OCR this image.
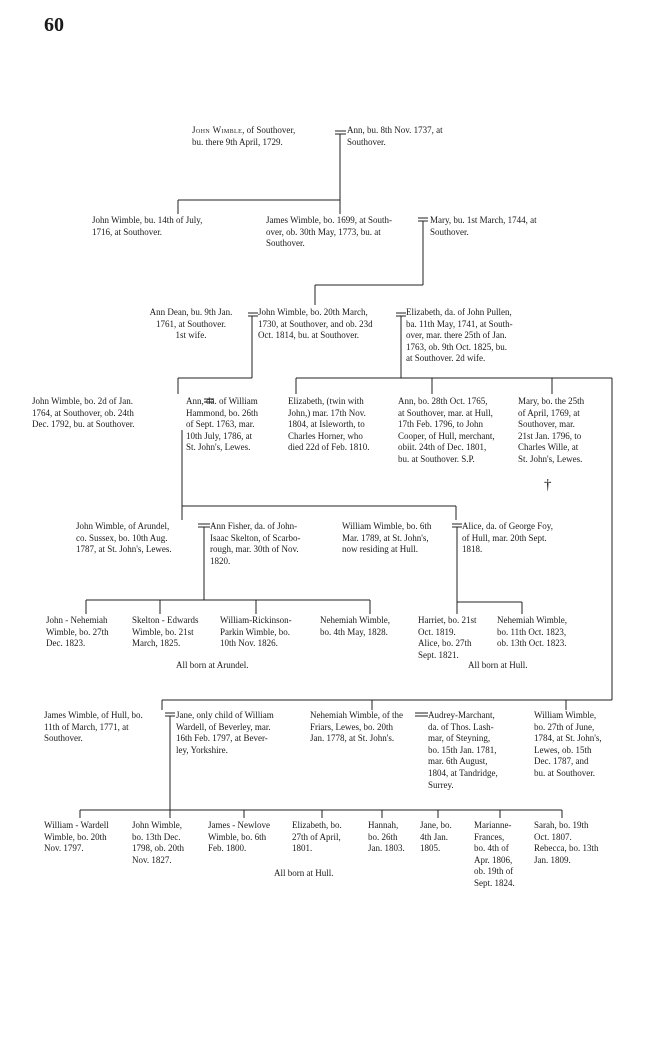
60
John Wimble, of Southover,
bu. there 9th April, 1729.
Ann, bu. 8th Nov. 1737, at
Southover.
John Wimble, bu. 14th of July,
1716, at Southover.
James Wimble, bo. 1699, at South-
over, ob. 30th May, 1773, bu. at
Southover.
Mary, bu. 1st March, 1744, at
Southover.
Ann Dean, bu. 9th Jan.
1761, at Southover.
1st wife.
John Wimble, bo. 20th March,
1730, at Southover, and ob. 23d
Oct. 1814, bu. at Southover.
Elizabeth, da. of John Pullen,
ba. 11th May, 1741, at South-
over, mar. there 25th of Jan.
1763, ob. 9th Oct. 1825, bu.
at Southover. 2d wife.
John Wimble, bo. 2d of Jan.
1764, at Southover, ob. 24th
Dec. 1792, bu. at Southover.
Ann, da. of William
Hammond, bo. 26th
of Sept. 1763, mar.
10th July, 1786, at
St. John's, Lewes.
Elizabeth, (twin with
John,) mar. 17th Nov.
1804, at Isleworth, to
Charles Horner, who
died 22d of Feb. 1810.
Ann, bo. 28th Oct. 1765,
at Southover, mar. at Hull,
17th Feb. 1796, to John
Cooper, of Hull, merchant,
obiit. 24th of Dec. 1801,
bu. at Southover. S.P.
Mary, bo. the 25th
of April, 1769, at
Southover, mar.
21st Jan. 1796, to
Charles Wille, at
St. John's, Lewes.
†
John Wimble, of Arundel,
co. Sussex, bo. 10th Aug.
1787, at St. John's, Lewes.
Ann Fisher, da. of John-
Isaac Skelton, of Scarbo-
rough, mar. 30th of Nov.
1820.
William Wimble, bo. 6th
Mar. 1789, at St. John's,
now residing at Hull.
Alice, da. of George Foy,
of Hull, mar. 20th Sept.
1818.
John - Nehemiah
Wimble, bo. 27th
Dec. 1823.
Skelton - Edwards
Wimble, bo. 21st
March, 1825.
William-Rickinson-
Parkin Wimble, bo.
10th Nov. 1826.
Nehemiah Wimble,
bo. 4th May, 1828.
Harriet, bo. 21st
Oct. 1819.
Alice, bo. 27th
Sept. 1821.
Nehemiah Wimble,
bo. 11th Oct. 1823,
ob. 13th Oct. 1823.
All born at Arundel.	All born at Hull.
James Wimble, of Hull, bo.
11th of March, 1771, at
Southover.
Jane, only child of William
Wardell, of Beverley, mar.
16th Feb. 1797, at Bever-
ley, Yorkshire.
Nehemiah Wimble, of the
Friars, Lewes, bo. 20th
Jan. 1778, at St. John's.
Audrey-Marchant,
da. of Thos. Lash-
mar, of Steyning,
bo. 15th Jan. 1781,
mar. 6th August,
1804, at Tandridge,
Surrey.
William Wimble,
bo. 27th of June,
1784, at St. John's,
Lewes, ob. 15th
Dec. 1787, and
bu. at Southover.
William - Wardell
Wimble, bo. 20th
Nov. 1797.
John Wimble,
bo. 13th Dec.
1798, ob. 20th
Nov. 1827.
James - Newlove
Wimble, bo. 6th
Feb. 1800.
Elizabeth, bo.
27th of April,
1801.
Hannah,
bo. 26th
Jan. 1803.
Jane, bo.
4th Jan.
1805.
Marianne-
Frances,
bo. 4th of
Apr. 1806,
ob. 19th of
Sept. 1824.
Sarah, bo. 19th
Oct. 1807.
Rebecca, bo. 13th
Jan. 1809.
All born at Hull.
